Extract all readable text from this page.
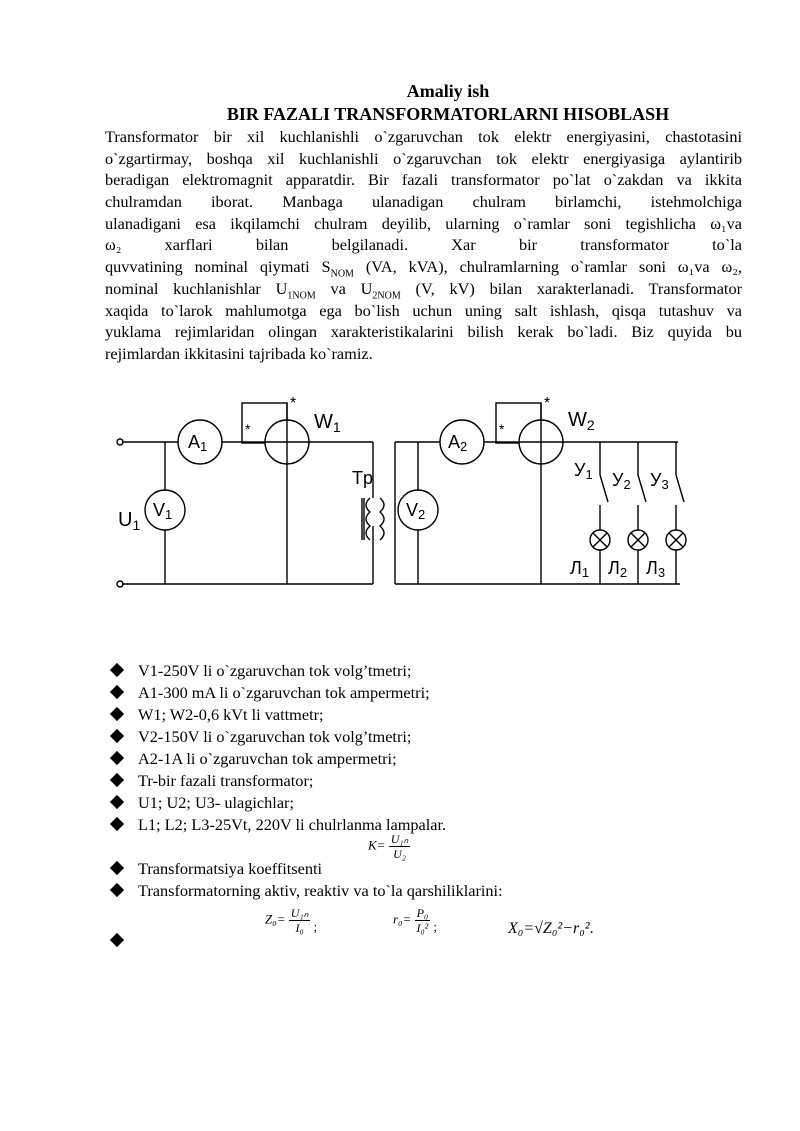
Amaliy ish
BIR FAZALI TRANSFORMATORLARNI HISOBLASH
Transformator bir xil kuchlanishli o`zgaruvchan tok elektr energiyasini, chastotasini
o`zgartirmay, boshqa xil kuchlanishli o`zgaruvchan tok elektr energiyasiga aylantirib
beradigan elektromagnit apparatdir. Bir fazali transformator po`lat o`zakdan va ikkita
chulramdan iborat. Manbaga ulanadigan chulram birlamchi, istehmolchiga
ulanadigani esa ikqilamchi chulram deyilib, ularning o`ramlar soni tegishlicha ω₁va
ω₂ xarflari bilan belgilanadi. Xar bir transformator to`la
quvvatining nominal qiymati $S_{NOM}$ (VA, kVA), chulramlarning o`ramlar soni ω₁va ω₂,
nominal kuchlanishlar $U_{1NOM}$ va $U_{2NOM}$ (V, kV) bilan xarakterlanadi. Transformator
xaqida to`larok mahlumotga ega bo`lish uchun uning salt ishlash, qisqa tutashuv va
yuklama rejimlaridan olingan xarakteristikalarini bilish kerak bo`ladi. Biz quyida bu
rejimlardan ikkitasini tajribada ko`ramiz.
A1
V1
$W_1$
$U_1$
Tp
V2
A2
$W_2$
*
*
*
*
У1 У2 У3
Л1 Л2 Л3
V1-250V li o`zgaruvchan tok volg’tmetri;
A1-300 mA li o`zgaruvchan tok ampermetri;
W1; W2-0,6 kVt li vattmetr;
V2-150V li o`zgaruvchan tok volg’tmetri;
A2-1A li o`zgaruvchan tok ampermetri;
Tr-bir fazali transformator;
U1; U2; U3- ulagichlar;
L1; L2; L3-25Vt, 220V li chulrlanma lampalar.
Transformatsiya koeffitsenti
Transformatorning aktiv, reaktiv va to`la qarshiliklarini:
$K= \frac{\text{U₁ₙ}}{\text{U₂}}$
$Z_0= \frac{\text{U₁ₙ}}{\text{I₀}}$ ;
$r_0= \frac{\text{P₀}}{\text{I₀²}}$ ;	X₀=√Z₀²−r₀².
